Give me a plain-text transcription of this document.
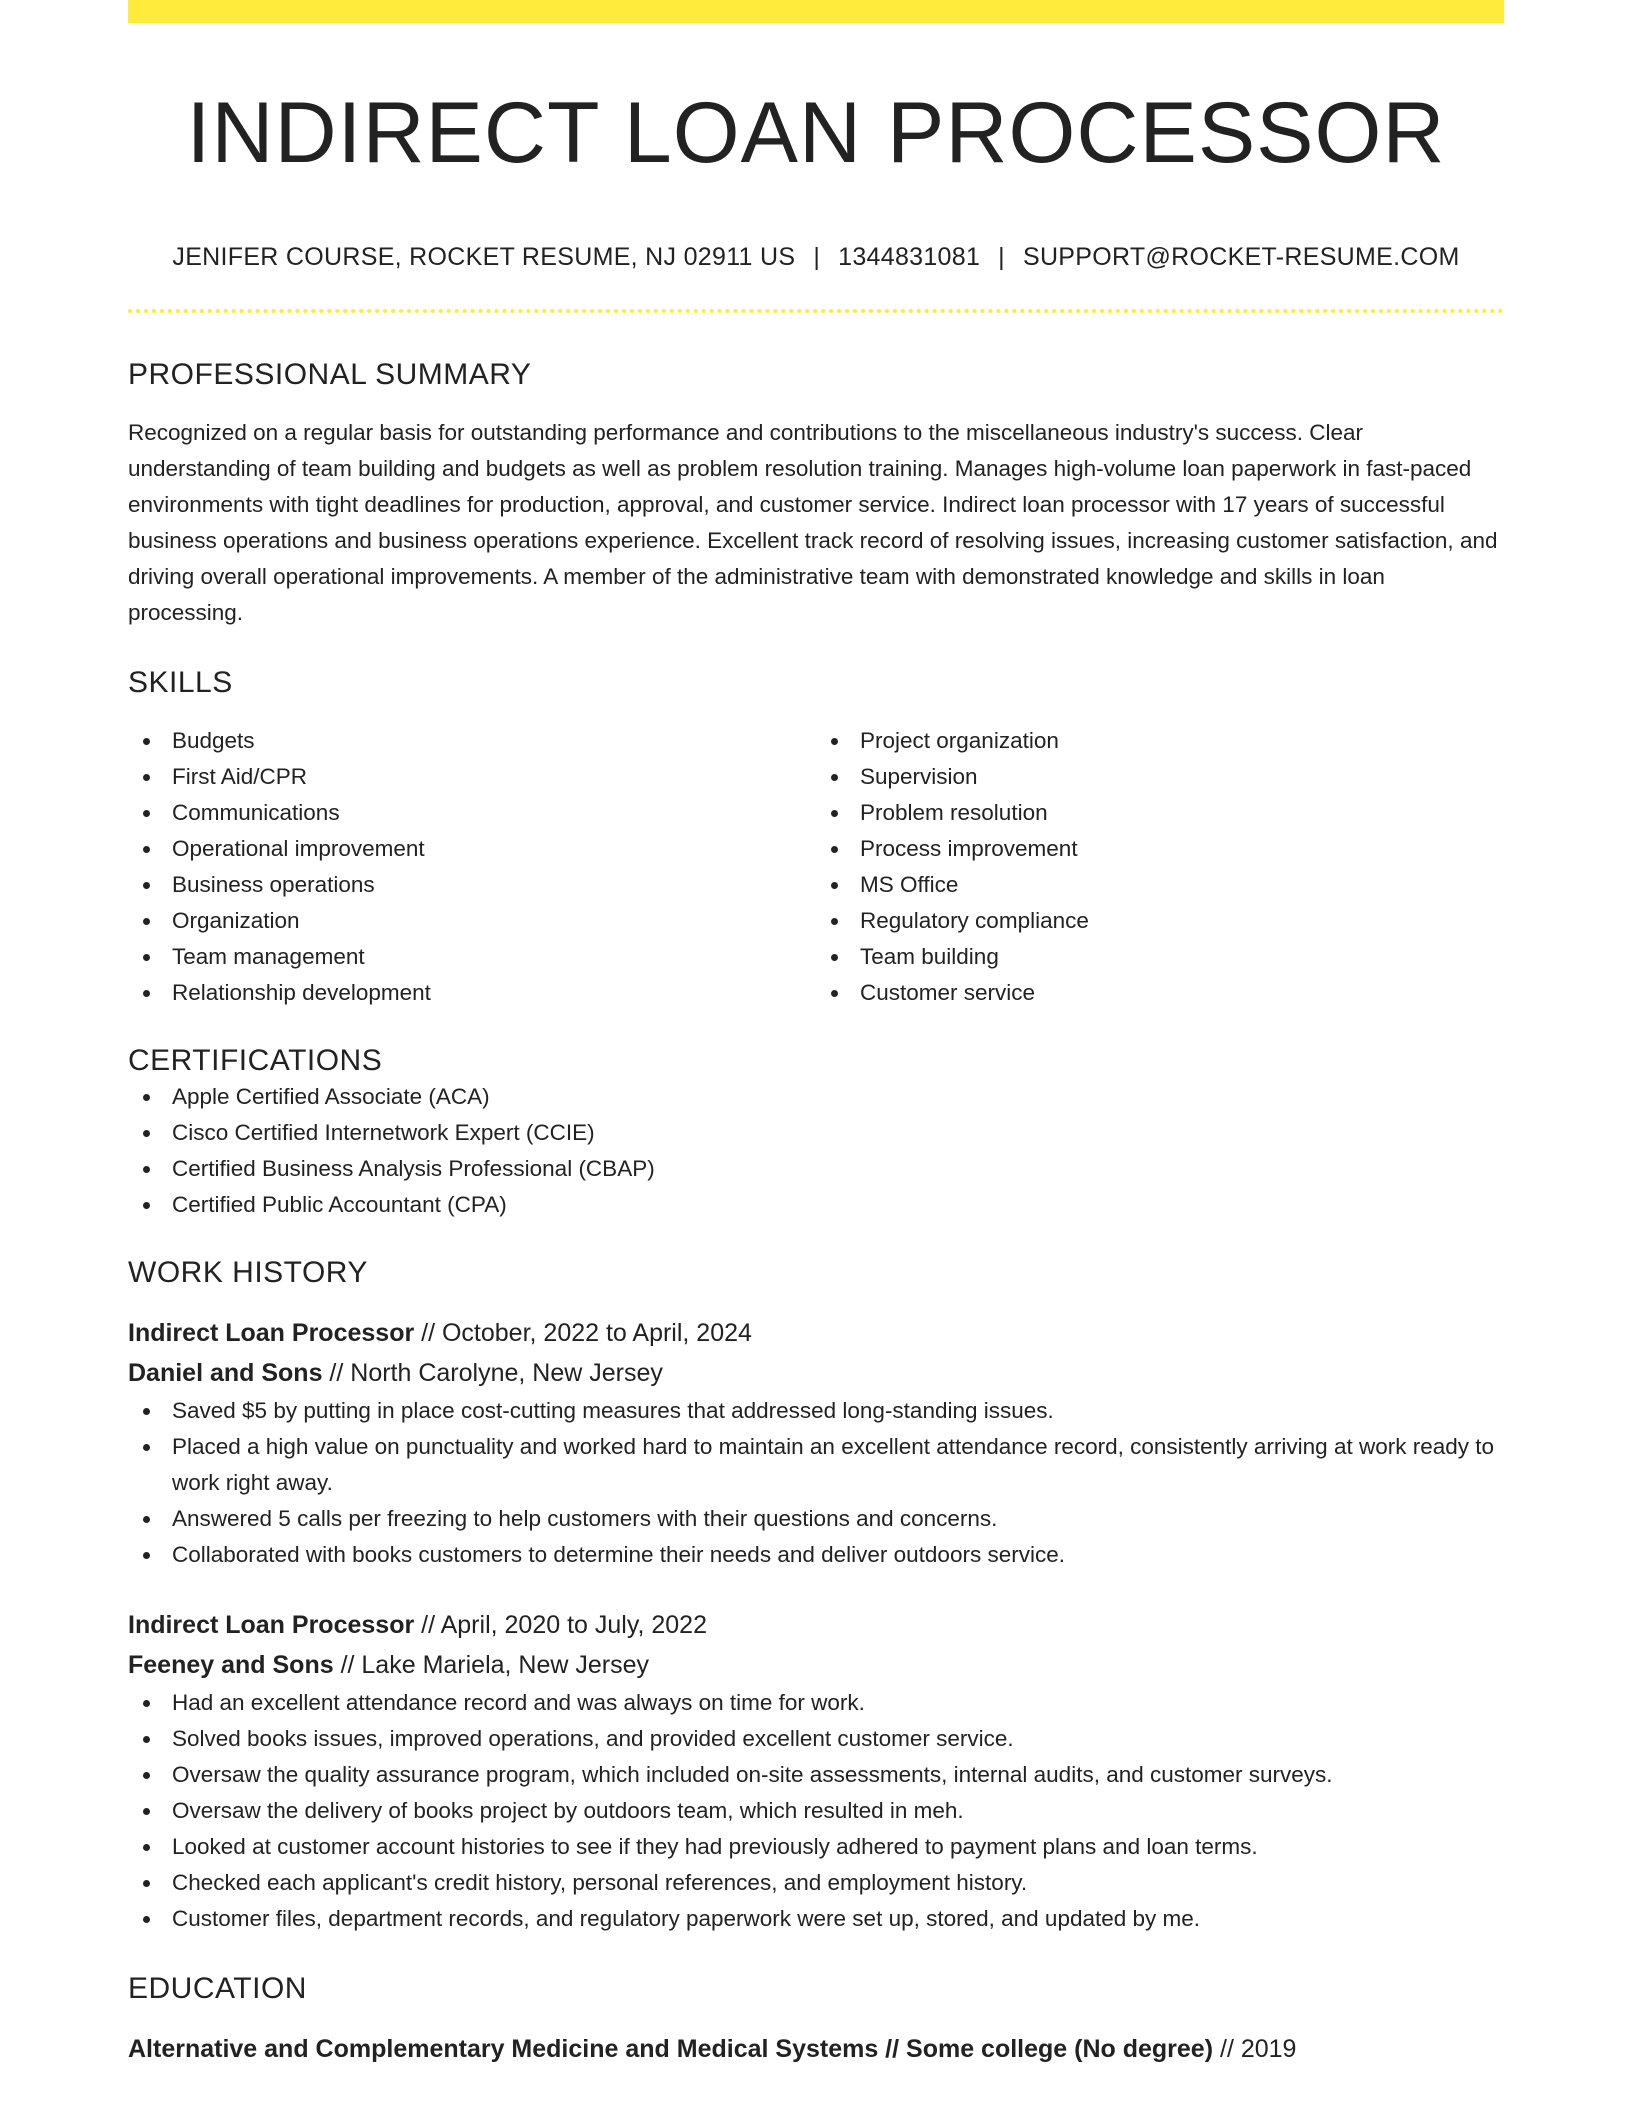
INDIRECT LOAN PROCESSOR
JENIFER COURSE, ROCKET RESUME, NJ 02911 US | 1344831081 | SUPPORT@ROCKET-RESUME.COM
PROFESSIONAL SUMMARY

Recognized on a regular basis for outstanding performance and contributions to the miscellaneous industry's success. Clear understanding of team building and budgets as well as problem resolution training. Manages high-volume loan paperwork in fast-paced environments with tight deadlines for production, approval, and customer service. Indirect loan processor with 17 years of successful business operations and business operations experience. Excellent track record of resolving issues, increasing customer satisfaction, and driving overall operational improvements. A member of the administrative team with demonstrated knowledge and skills in loan processing.

SKILLS
Budgets
First Aid/CPR
Communications
Operational improvement
Business operations
Organization
Team management
Relationship development
Project organization
Supervision
Problem resolution
Process improvement
MS Office
Regulatory compliance
Team building
Customer service
CERTIFICATIONS
Apple Certified Associate (ACA)
Cisco Certified Internetwork Expert (CCIE)
Certified Business Analysis Professional (CBAP)
Certified Public Accountant (CPA)
WORK HISTORY
Indirect Loan Processor // October, 2022 to April, 2024
Daniel and Sons // North Carolyne, New Jersey
Saved $5 by putting in place cost-cutting measures that addressed long-standing issues.
Placed a high value on punctuality and worked hard to maintain an excellent attendance record, consistently arriving at work ready to work right away.
Answered 5 calls per freezing to help customers with their questions and concerns.
Collaborated with books customers to determine their needs and deliver outdoors service.
Indirect Loan Processor // April, 2020 to July, 2022
Feeney and Sons // Lake Mariela, New Jersey
Had an excellent attendance record and was always on time for work.
Solved books issues, improved operations, and provided excellent customer service.
Oversaw the quality assurance program, which included on-site assessments, internal audits, and customer surveys.
Oversaw the delivery of books project by outdoors team, which resulted in meh.
Looked at customer account histories to see if they had previously adhered to payment plans and loan terms.
Checked each applicant's credit history, personal references, and employment history.
Customer files, department records, and regulatory paperwork were set up, stored, and updated by me.
EDUCATION
Alternative and Complementary Medicine and Medical Systems // Some college (No degree) // 2019
